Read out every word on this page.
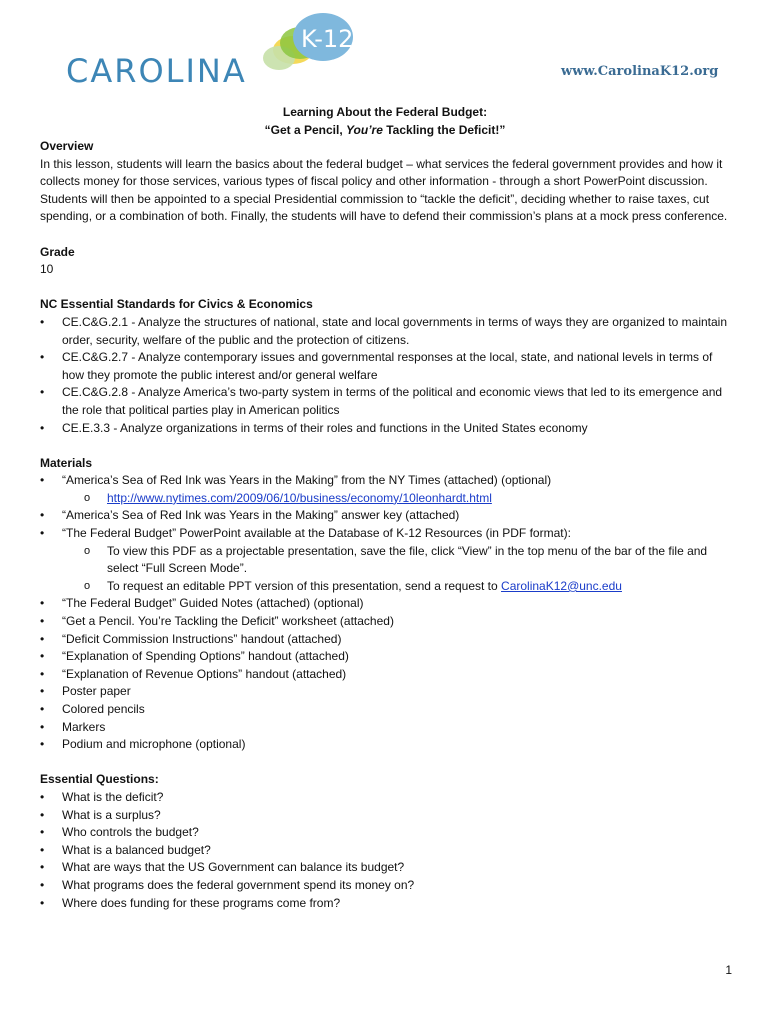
CAROLINA
K-12
www.CarolinaK12.org
Learning About the Federal Budget:
“Get a Pencil, You’re Tackling the Deficit!”
Overview

In this lesson, students will learn the basics about the federal budget – what services the federal government provides and how it collects money for those services, various types of fiscal policy and other information - through a short PowerPoint discussion. Students will then be appointed to a special Presidential commission to “tackle the deficit”, deciding whether to raise taxes, cut spending, or a combination of both. Finally, the students will have to defend their commission’s plans at a mock press conference.

Grade
10
NC Essential Standards for Civics & Economics
• CE.C&G.2.1 - Analyze the structures of national, state and local governments in terms of ways they are organized to maintain order, security, welfare of the public and the protection of citizens.
• CE.C&G.2.7 - Analyze contemporary issues and governmental responses at the local, state, and national levels in terms of how they promote the public interest and/or general welfare
• CE.C&G.2.8 - Analyze America’s two-party system in terms of the political and economic views that led to its emergence and the role that political parties play in American politics
• CE.E.3.3 - Analyze organizations in terms of their roles and functions in the United States economy
Materials
• “America’s Sea of Red Ink was Years in the Making” from the NY Times (attached) (optional)
o http://www.nytimes.com/2009/06/10/business/economy/10leonhardt.html
• “America’s Sea of Red Ink was Years in the Making” answer key (attached)
• “The Federal Budget” PowerPoint available at the Database of K-12 Resources (in PDF format):
o To view this PDF as a projectable presentation, save the file, click “View” in the top menu of the bar of the file and select “Full Screen Mode”.
o To request an editable PPT version of this presentation, send a request to CarolinaK12@unc.edu
• “The Federal Budget” Guided Notes (attached) (optional)
• “Get a Pencil. You’re Tackling the Deficit” worksheet (attached)
• “Deficit Commission Instructions” handout (attached)
• “Explanation of Spending Options” handout (attached)
• “Explanation of Revenue Options” handout (attached)
• Poster paper
• Colored pencils
• Markers
• Podium and microphone (optional)
Essential Questions:
• What is the deficit?
• What is a surplus?
• Who controls the budget?
• What is a balanced budget?
• What are ways that the US Government can balance its budget?
• What programs does the federal government spend its money on?
• Where does funding for these programs come from?
1
